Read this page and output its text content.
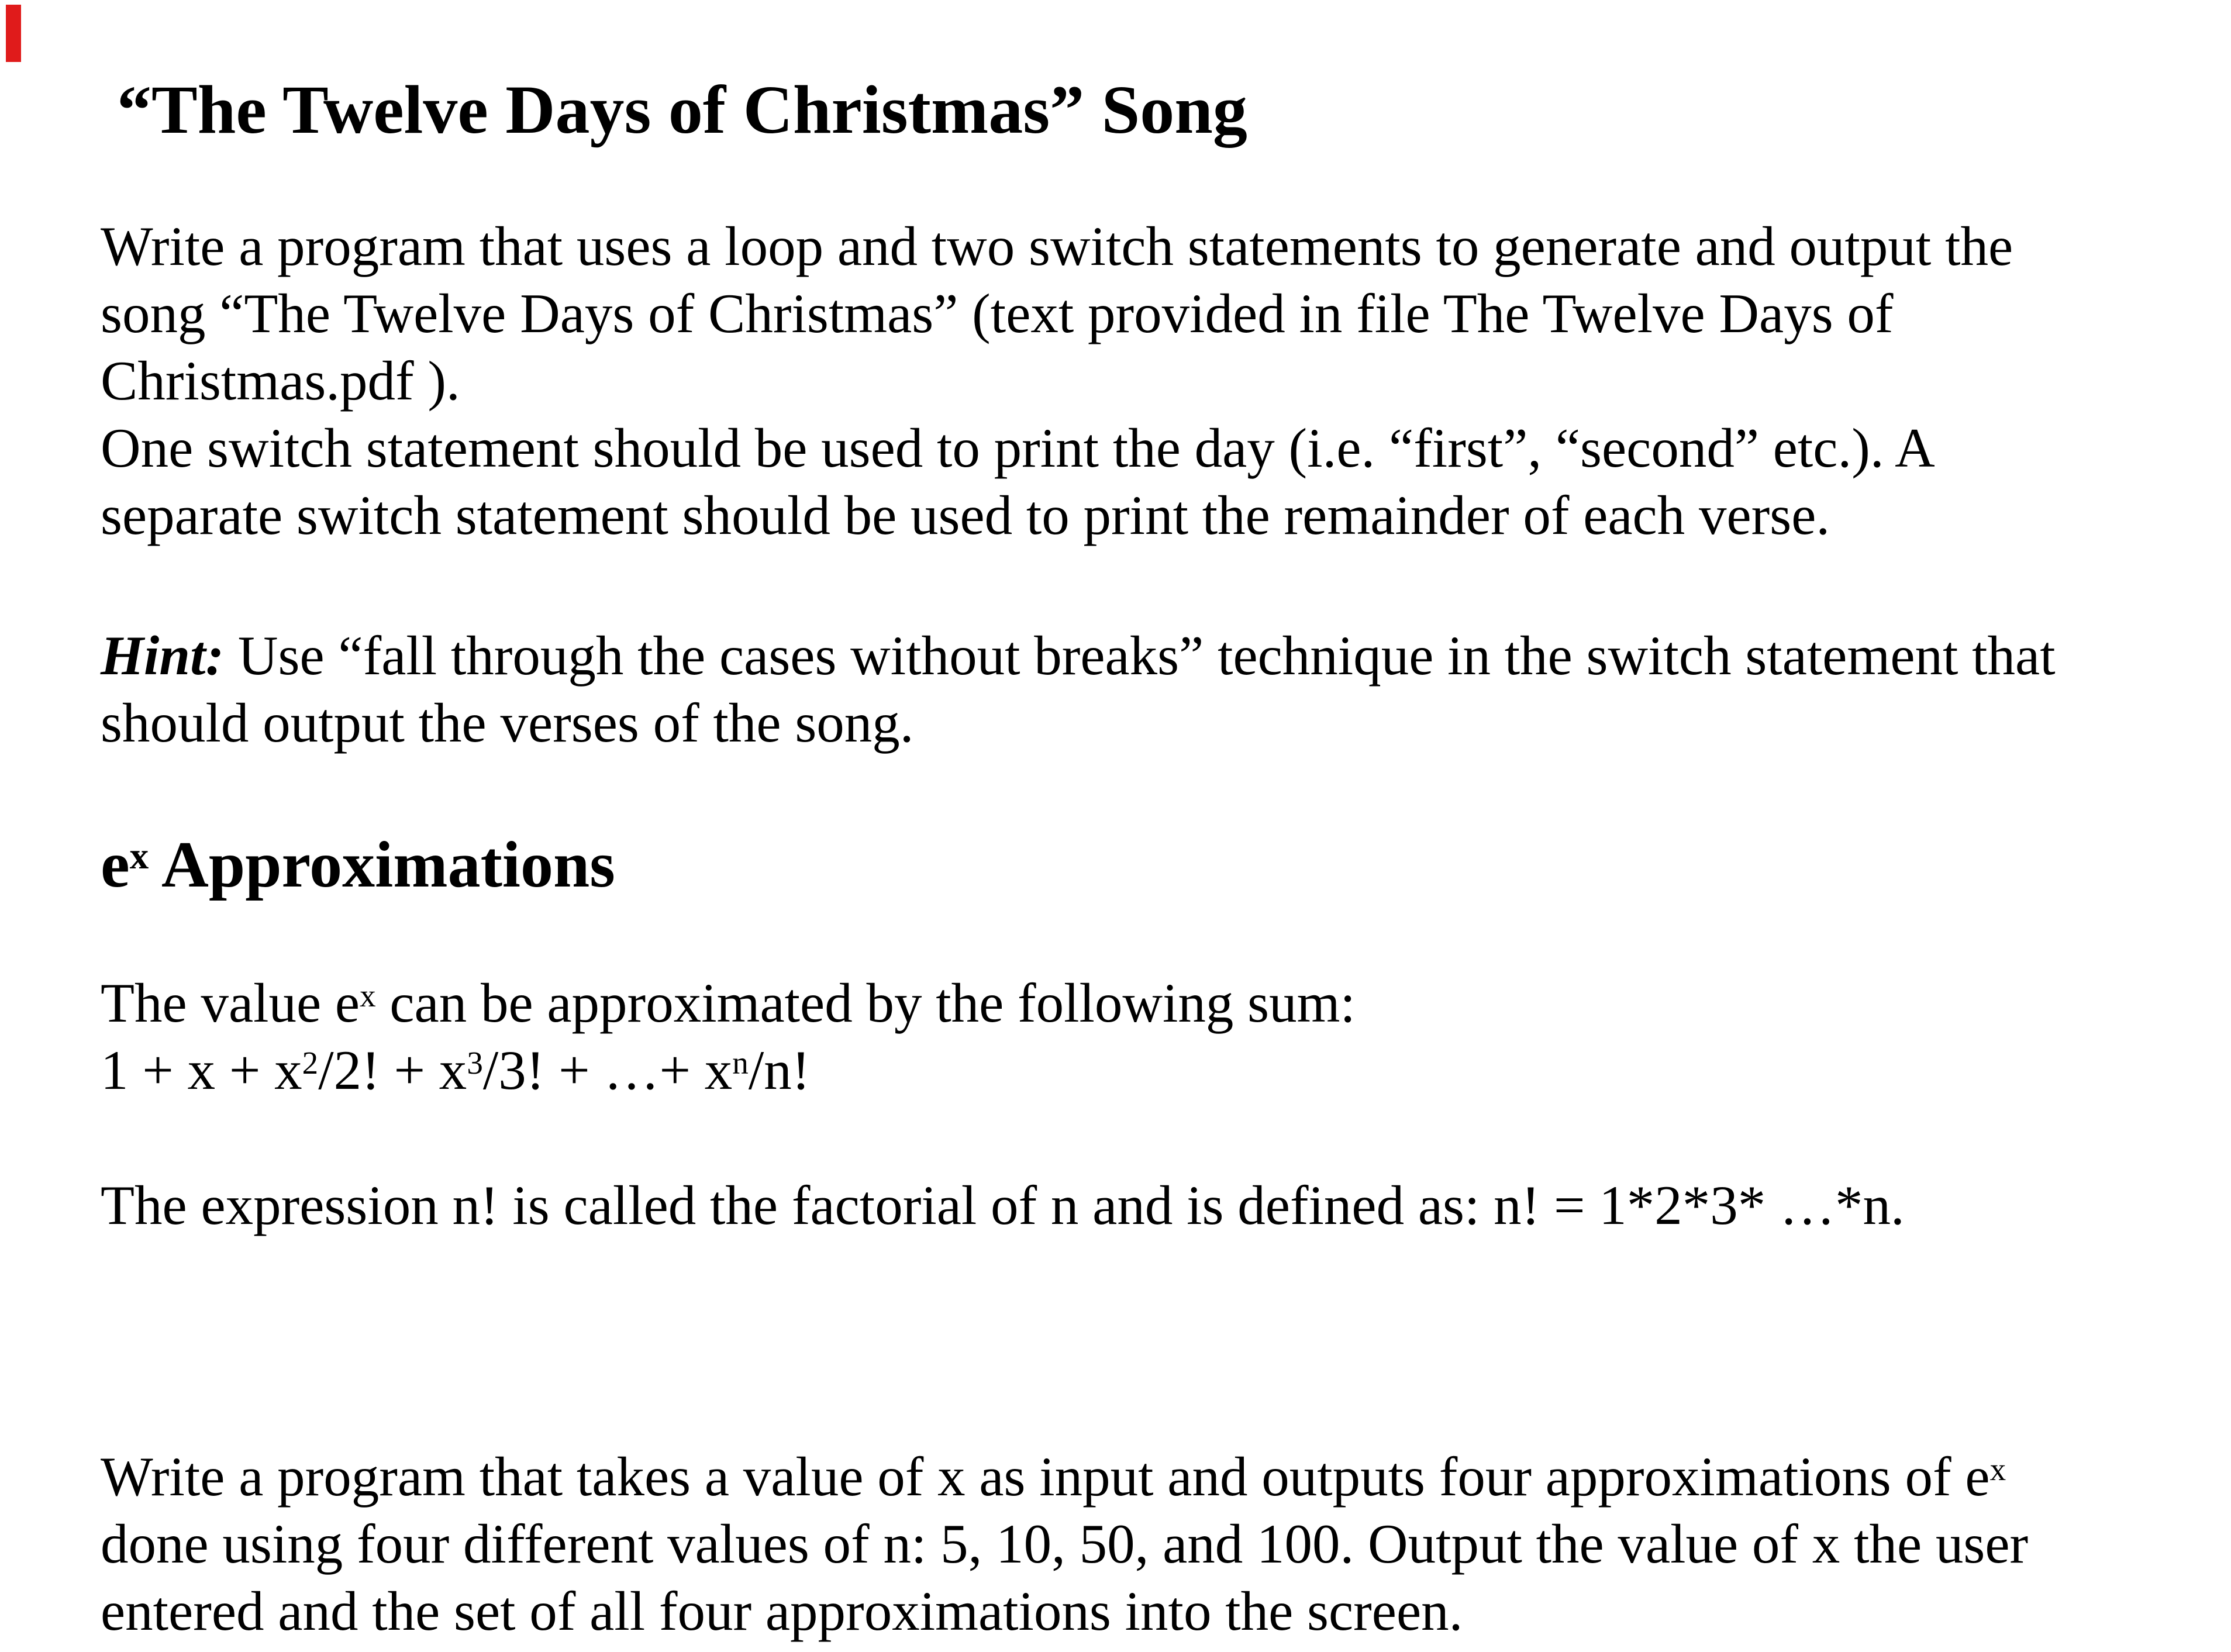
“The Twelve Days of Christmas” Song
Write a program that uses a loop and two switch statements to generate and output the
song “The Twelve Days of Christmas” (text provided in file The Twelve Days of
Christmas.pdf ).
One switch statement should be used to print the day (i.e. “first”, “second” etc.). A
separate switch statement should be used to print the remainder of each verse.
Hint: Use “fall through the cases without breaks” technique in the switch statement that
should output the verses of the song.
$e^x$ Approximations
The value $e^x$ can be approximated by the following sum:
$1 + x + x^2/2$! + $x^3/3$! + …+ $x^n/n$!
The expression n! is called the factorial of n and is defined as: n! = 1*2*3* …*n.
Write a program that takes a value of x as input and outputs four approximations of $e^x$
done using four different values of n: 5, 10, 50, and 100. Output the value of x the user
entered and the set of all four approximations into the screen.
